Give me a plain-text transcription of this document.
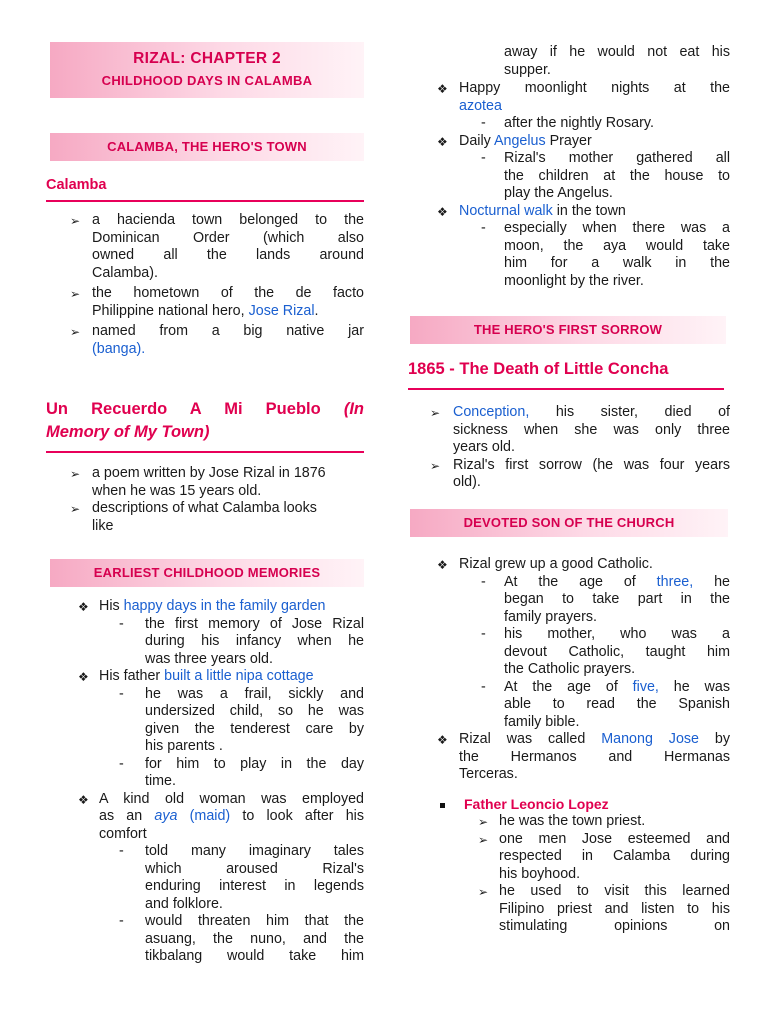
RIZAL: CHAPTER 2
CHILDHOOD DAYS IN CALAMBA
CALAMBA, THE HERO'S TOWN
Calamba
➢ a hacienda town belonged to the
Dominican Order (which also
owned all the lands around
Calamba).
➢ the hometown of the de facto
Philippine national hero, Jose Rizal.
➢ named from a big native jar
(banga).
Un Recuerdo A Mi Pueblo (In
Memory of My Town)
➢ a poem written by Jose Rizal in 1876
when he was 15 years old.
➢ descriptions of what Calamba looks
like
EARLIEST CHILDHOOD MEMORIES
❖ His happy days in the family garden
- the first memory of Jose Rizal
during his infancy when he
was three years old.
❖ His father built a little nipa cottage
- he was a frail, sickly and
undersized child, so he was
given the tenderest care by
his parents .
- for him to play in the day
time.
❖ A kind old woman was employed
as an aya (maid) to look after his
comfort
- told many imaginary tales
which aroused Rizal's
enduring interest in legends
and folklore.
- would threaten him that the
asuang, the nuno, and the
tikbalang would take him
away if he would not eat his
supper.
❖ Happy moonlight nights at the
azotea
- after the nightly Rosary.
❖ Daily Angelus Prayer
- Rizal's mother gathered all
the children at the house to
play the Angelus.
❖ Nocturnal walk in the town
- especially when there was a
moon, the aya would take
him for a walk in the
moonlight by the river.
THE HERO'S FIRST SORROW
1865 - The Death of Little Concha
➢ Conception, his sister, died of
sickness when she was only three
years old.
➢ Rizal's first sorrow (he was four years
old).
DEVOTED SON OF THE CHURCH
❖ Rizal grew up a good Catholic.
- At the age of three, he
began to take part in the
family prayers.
- his mother, who was a
devout Catholic, taught him
the Catholic prayers.
- At the age of five, he was
able to read the Spanish
family bible.
❖ Rizal was called Manong Jose by
the Hermanos and Hermanas
Terceras.
Father Leoncio Lopez
➢ he was the town priest.
➢ one men Jose esteemed and
respected in Calamba during
his boyhood.
➢ he used to visit this learned
Filipino priest and listen to his
stimulating opinions on
